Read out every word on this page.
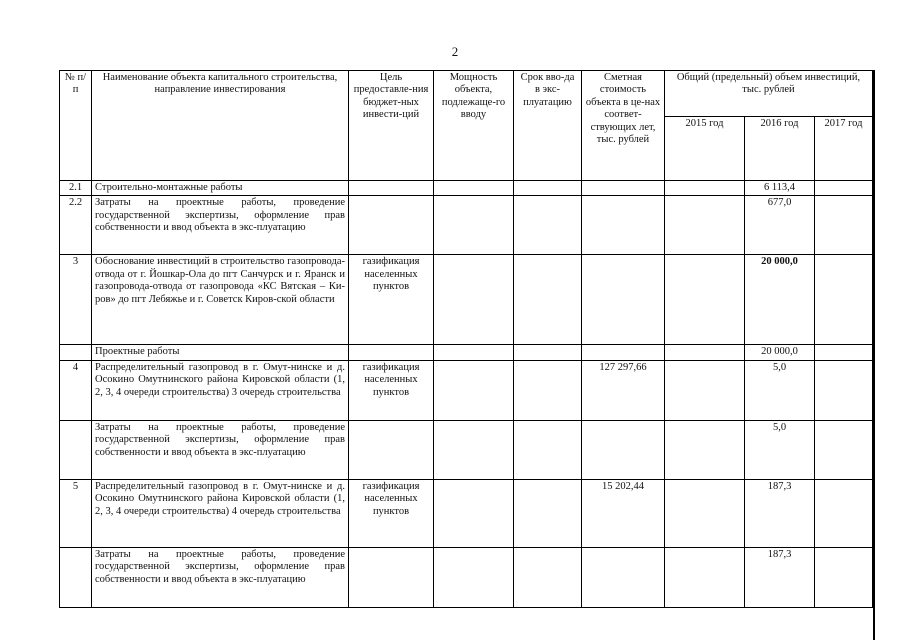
2
№ п/п	Наименование объекта капитального строительства, направление инвестирования	Цель предоставле-ния бюджет-ных инвести-ций	Мощность объекта, подлежаще-го вводу	Срок вво-да в экс-плуатацию	Сметная стоимость объекта в це-нах соответ-ствующих лет, тыс. рублей	Общий (предельный) объем инвестиций, тыс. рублей		
						2015 год	2016 год	2017 год
2.1	Строительно-монтажные работы						6 113,4	
2.2	Затраты на проектные работы, проведение государственной экспертизы, оформление прав собственности и ввод объекта в экс-плуатацию						677,0	
3	Обоснование инвестиций в строительство газопровода-отвода от г. Йошкар-Ола до пгт Санчурск и г. Яранск и газопровода-отвода от газопровода «КС Вятская – Ки-ров» до пгт Лебяжье и г. Советск Киров-ской области	газификация населенных пунктов					20 000,0	
	Проектные работы						20 000,0	
4	Распределительный газопровод в г. Омут-нинске и д. Осокино Омутнинского района Кировской области (1, 2, 3, 4 очереди строительства) 3 очередь строительства	газификация населенных пунктов			127 297,66		5,0	
	Затраты на проектные работы, проведение государственной экспертизы, оформление прав собственности и ввод объекта в экс-плуатацию						5,0	
5	Распределительный газопровод в г. Омут-нинске и д. Осокино Омутнинского района Кировской области (1, 2, 3, 4 очереди строительства) 4 очередь строительства	газификация населенных пунктов			15 202,44		187,3	
	Затраты на проектные работы, проведение государственной экспертизы, оформление прав собственности и ввод объекта в экс-плуатацию						187,3	
